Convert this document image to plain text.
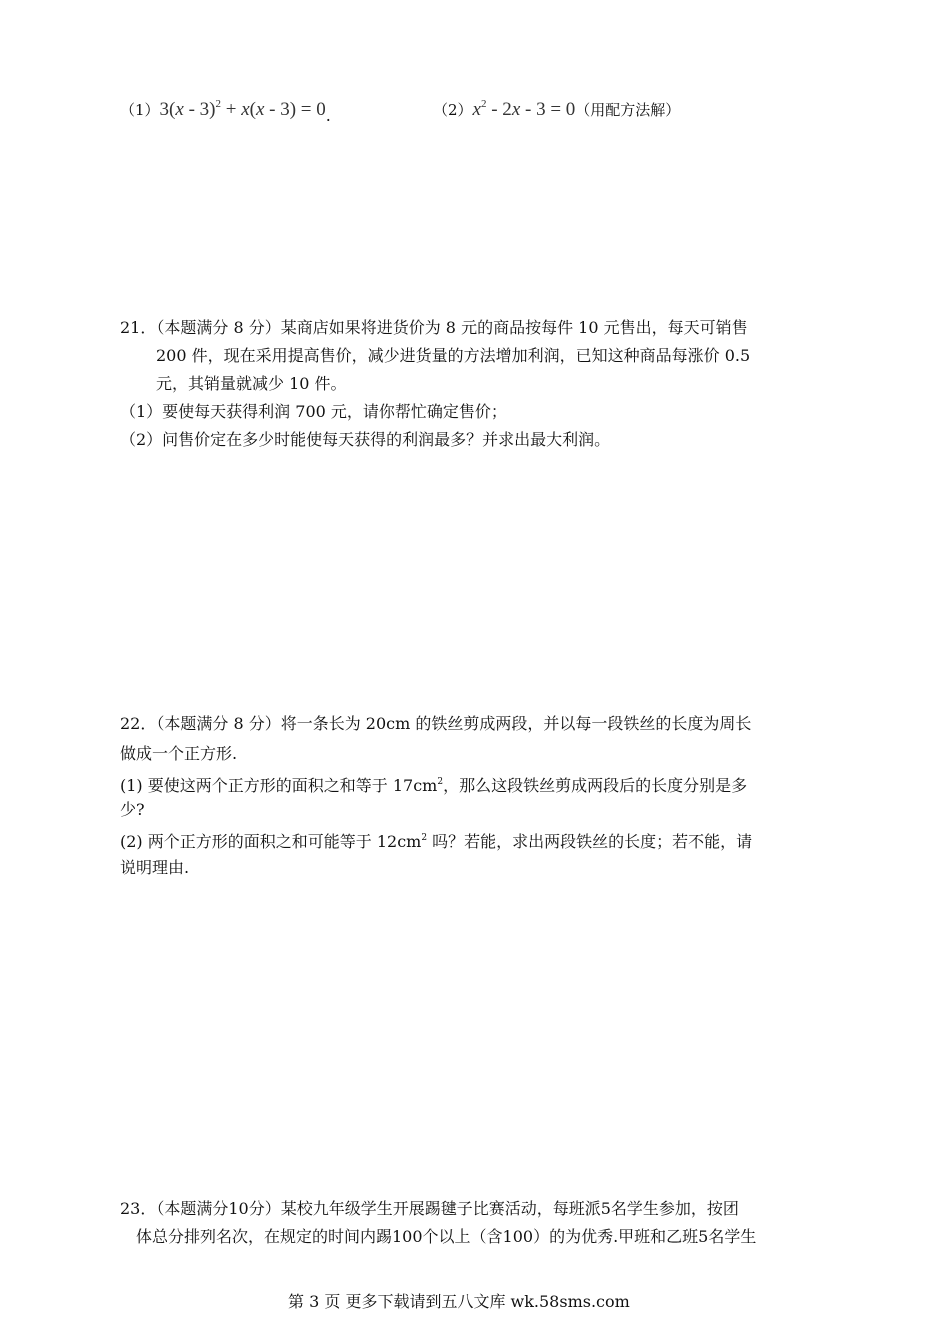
（1）3(x - 3)$^2$ + x(x - 3) = 0.	$(2)x^2 - 2x - 3 = 0$（用配方法解）
21．（本题满分 8 分）某商店如果将进货价为 8 元的商品按每件 10 元售出，每天可销售
200 件，现在采用提高售价，减少进货量的方法增加利润，已知这种商品每涨价 0.5
元，其销量就减少 10 件。
（1）要使每天获得利润 700 元，请你帮忙确定售价；
（2）问售价定在多少时能使每天获得的利润最多？并求出最大利润。
22．（本题满分 8 分）将一条长为 20cm 的铁丝剪成两段，并以每一段铁丝的长度为周长
做成一个正方形.
(1) 要使这两个正方形的面积之和等于 $17cm^2$，那么这段铁丝剪成两段后的长度分别是多
少?
(2) 两个正方形的面积之和可能等于 $12cm^2$ 吗？若能，求出两段铁丝的长度；若不能，请
说明理由.
23．（本题满分10分）某校九年级学生开展踢毽子比赛活动，每班派5名学生参加，按团
体总分排列名次，在规定的时间内踢100个以上（含100）的为优秀.甲班和乙班5名学生
第 3 页 更多下载请到五八文库 wk.58sms.com
